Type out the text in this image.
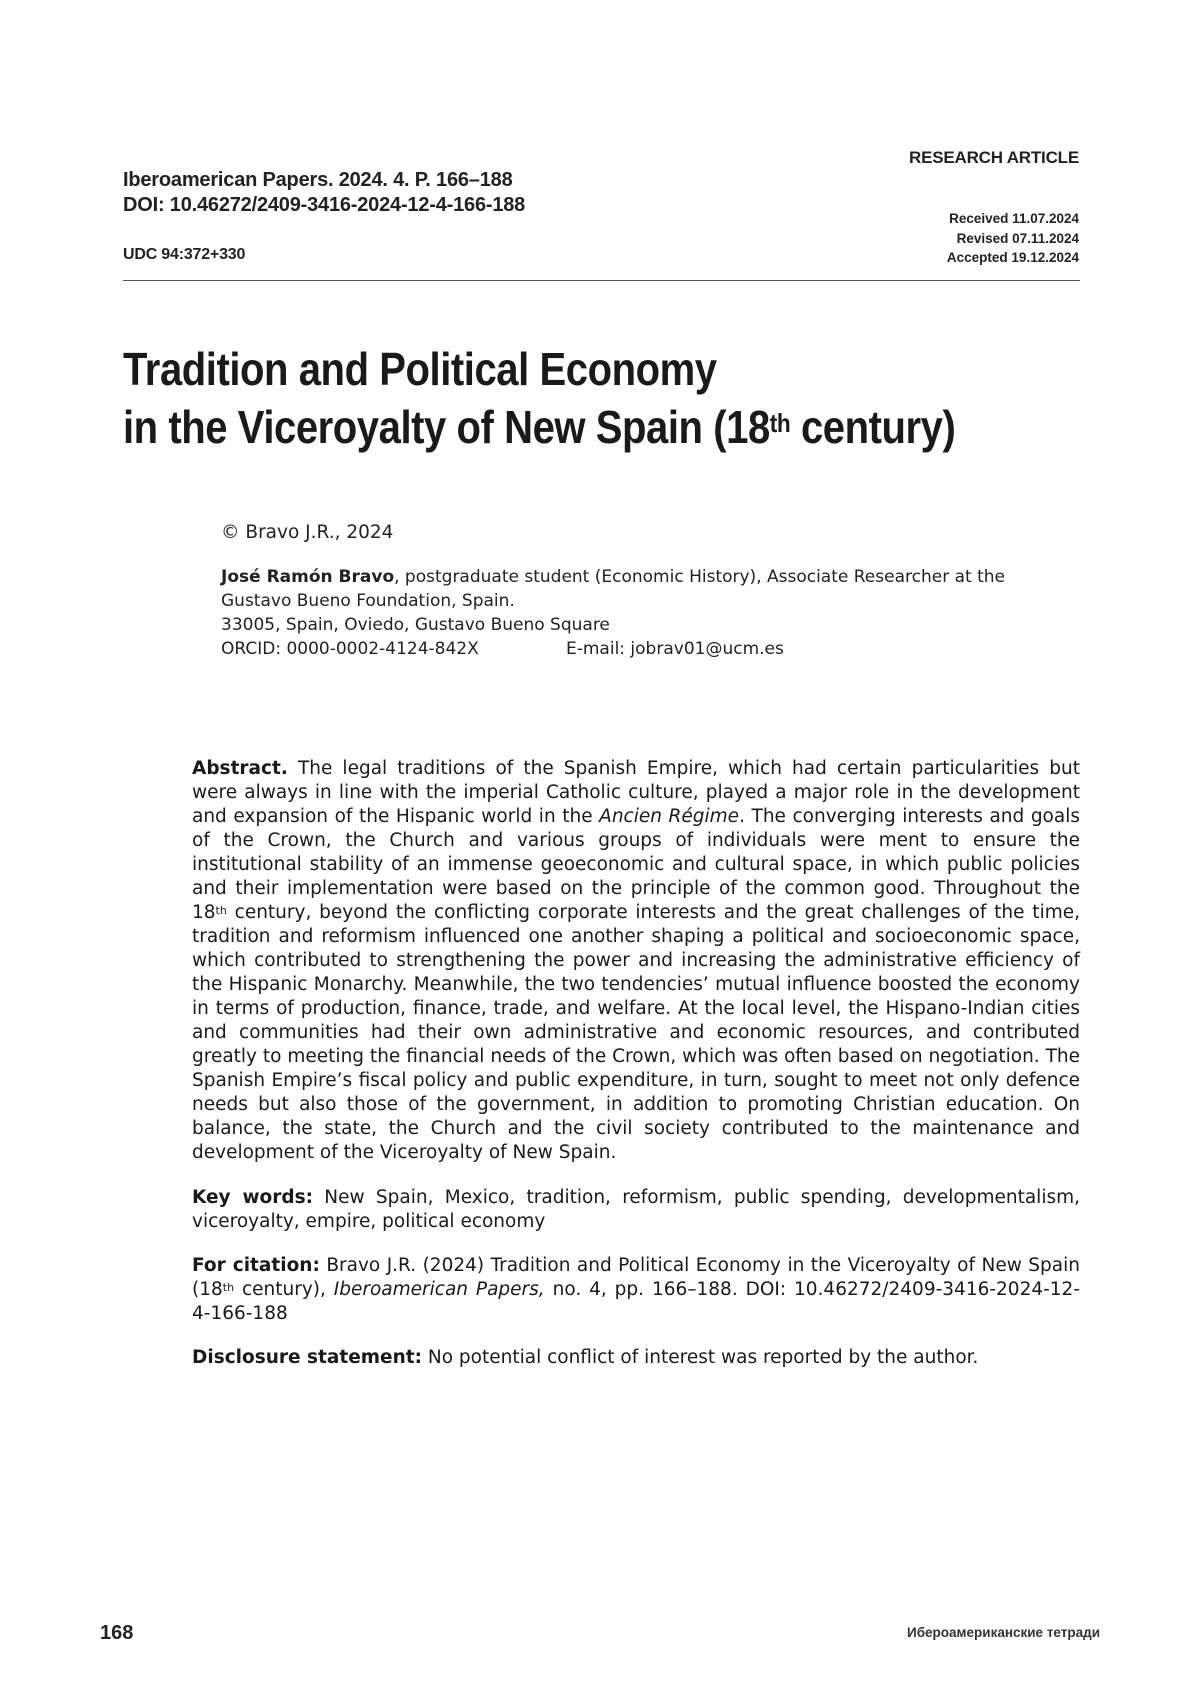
RESEARCH ARTICLE
Iberoamerican Papers. 2024. 4. P. 166–188
DOI: 10.46272/2409-3416-2024-12-4-166-188
UDC 94:372+330
Received 11.07.2024
Revised 07.11.2024
Accepted 19.12.2024
Tradition and Political Economy
in the Viceroyalty of New Spain (18th century)
© Bravo J.R., 2024
José Ramón Bravo, postgraduate student (Economic History), Associate Researcher at the Gustavo Bueno Foundation, Spain.
33005, Spain, Oviedo, Gustavo Bueno Square
ORCID: 0000-0002-4124-842X	E-mail: jobrav01@ucm.es
Abstract. The legal traditions of the Spanish Empire, which had certain particularities but were always in line with the imperial Catholic culture, played a major role in the development and expansion of the Hispanic world in the Ancien Régime. The converging interests and goals of the Crown, the Church and various groups of individuals were ment to ensure the institutional stability of an immense geoeconomic and cultural space, in which public policies and their implementation were based on the principle of the common good. Throughout the 18th century, beyond the conflicting corporate interests and the great challenges of the time, tradition and reformism influenced one another shaping a political and socioeconomic space, which contributed to strengthening the power and increasing the administrative efficiency of the Hispanic Monarchy. Meanwhile, the two tendencies’ mutual influence boosted the economy in terms of production, finance, trade, and welfare. At the local level, the Hispano-Indian cities and communities had their own administrative and economic resources, and contributed greatly to meeting the financial needs of the Crown, which was often based on negotiation. The Spanish Empire’s fiscal policy and public expenditure, in turn, sought to meet not only defence needs but also those of the government, in addition to promoting Christian education. On balance, the state, the Church and the civil society contributed to the maintenance and development of the Viceroyalty of New Spain.
Key words: New Spain, Mexico, tradition, reformism, public spending, developmentalism, viceroyalty, empire, political economy
For citation: Bravo J.R. (2024) Tradition and Political Economy in the Viceroyalty of New Spain (18th century), Iberoamerican Papers, no. 4, pp. 166–188. DOI: 10.46272/2409-3416-2024-12-4-166-188
Disclosure statement: No potential conflict of interest was reported by the author.
168	Ибероамериканские тетради
